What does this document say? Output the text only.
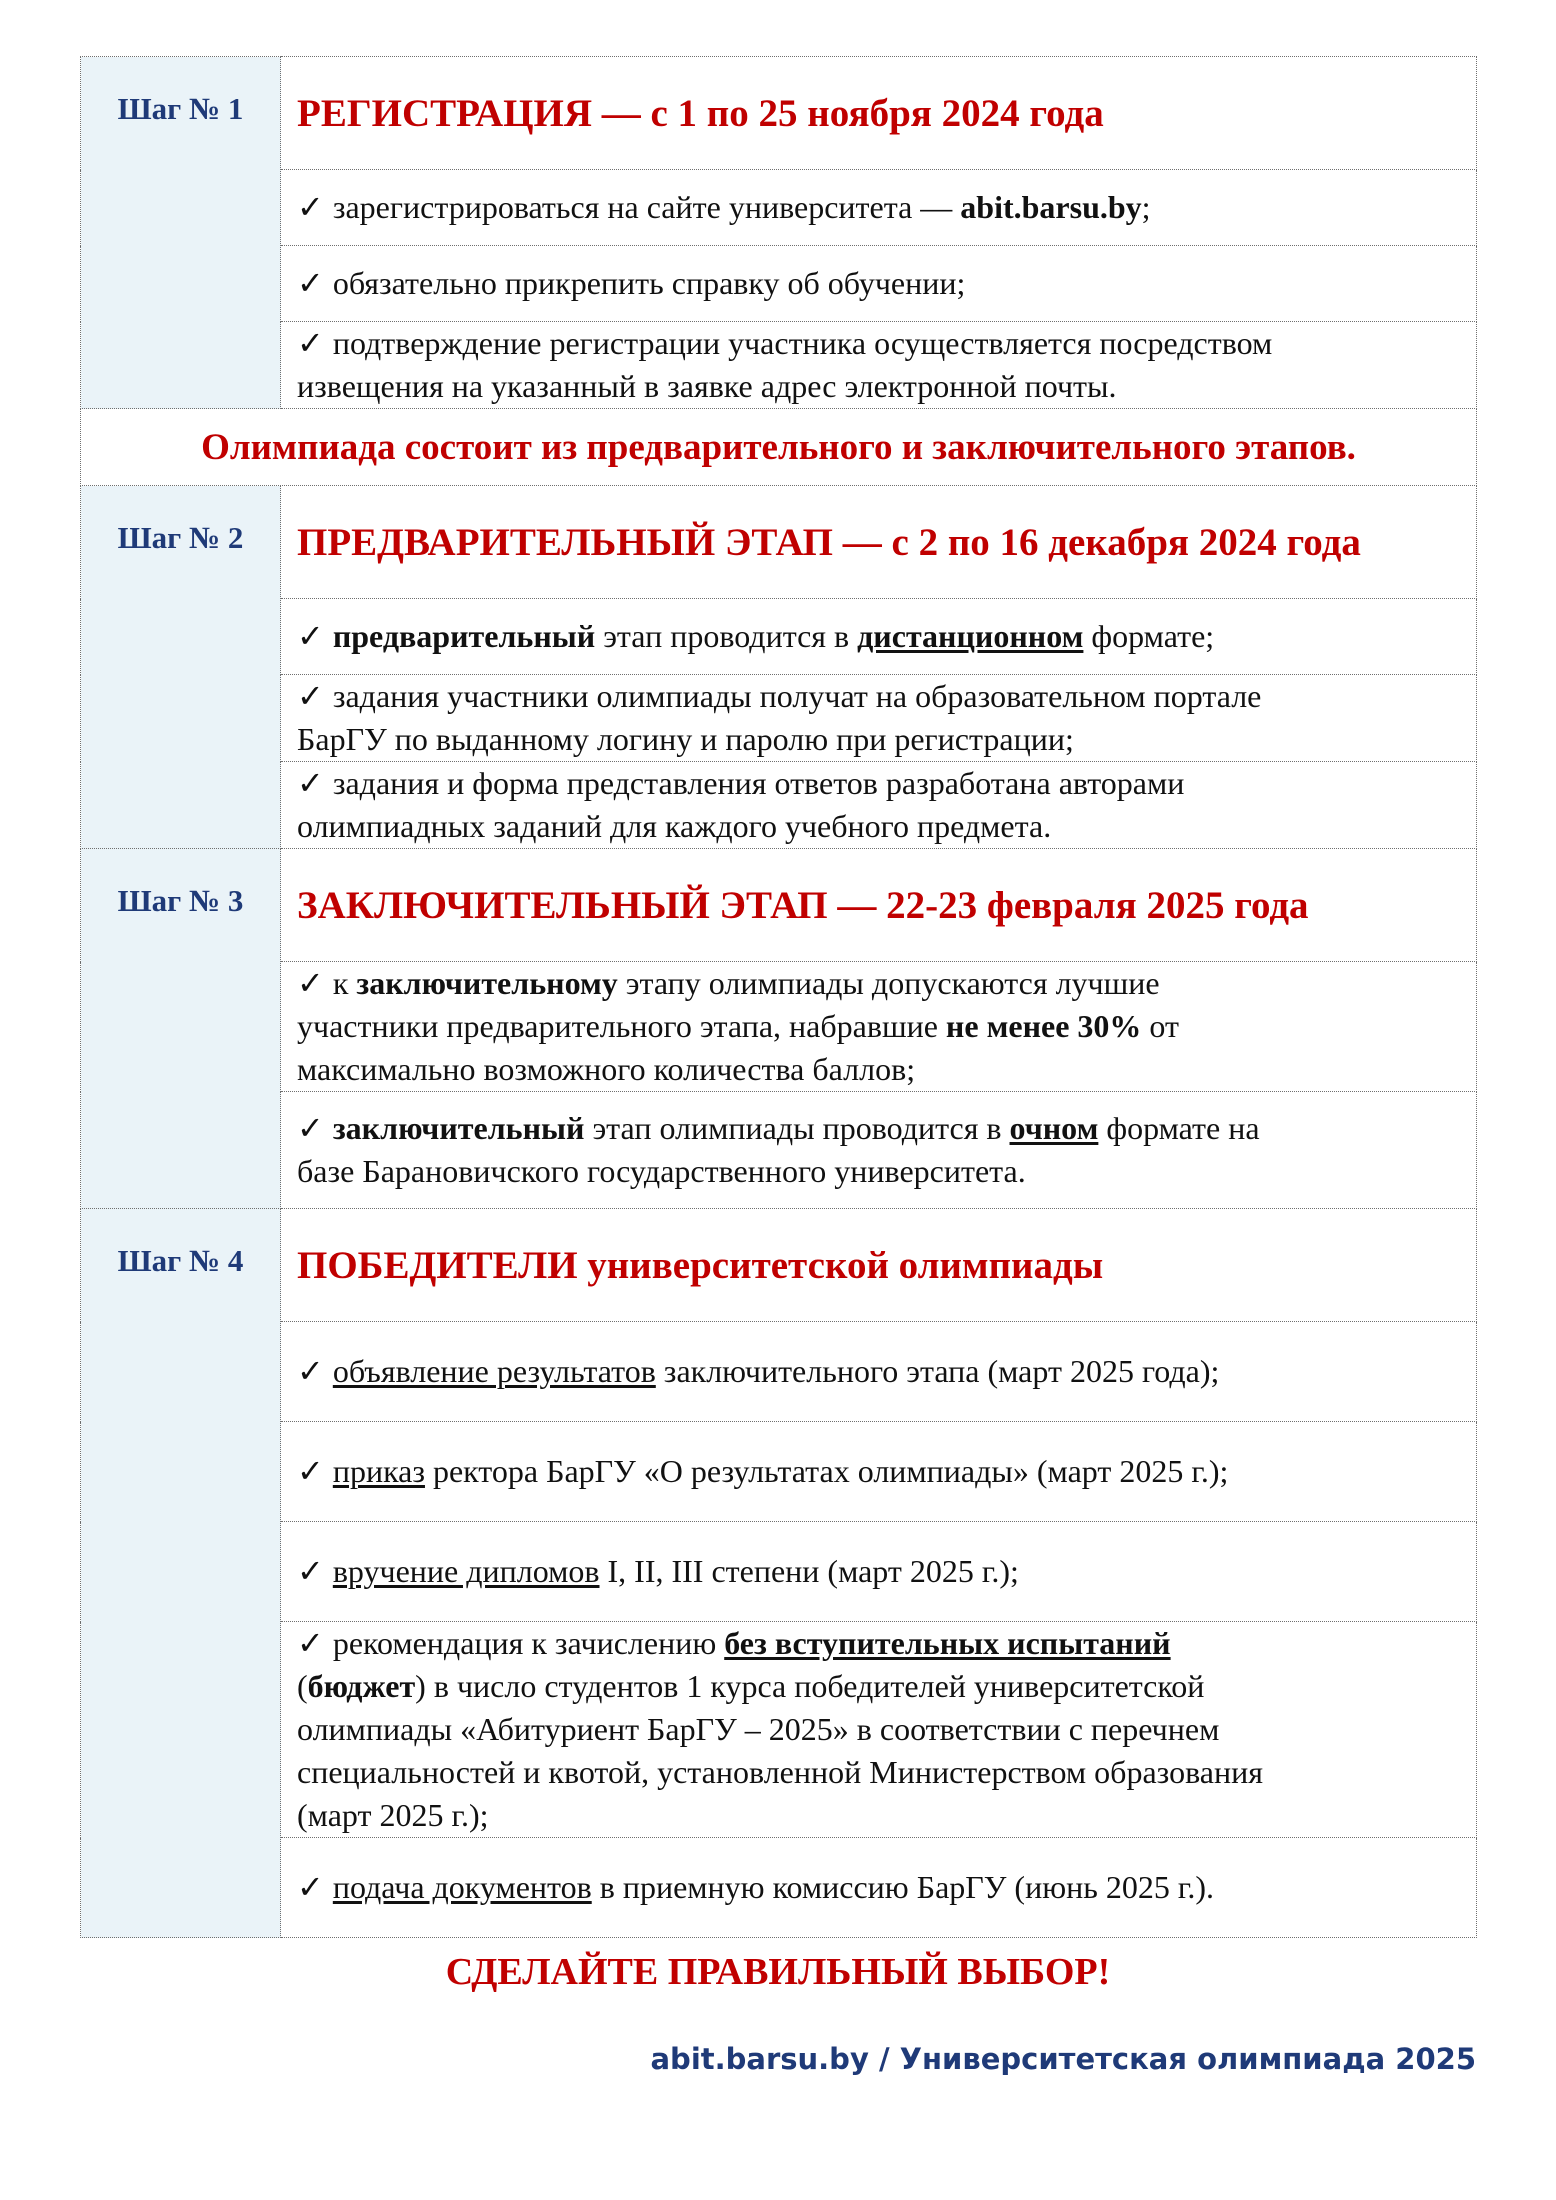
Шаг № 1	РЕГИСТРАЦИЯ — с 1 по 25 ноября 2024 года
	✓ зарегистрироваться на сайте университета — abit.barsu.by;
	✓ обязательно прикрепить справку об обучении;

	✓ подтверждение регистрации участника осуществляется посредством
извещения на указанный в заявке адрес электронной почты.

Олимпиада состоит из предварительного и заключительного этапов.	
Шаг № 2	ПРЕДВАРИТЕЛЬНЫЙ ЭТАП — с 2 по 16 декабря 2024 года
	✓ предварительный этап проводится в дистанционном формате;

	✓ задания участники олимпиады получат на образовательном портале
БарГУ по выданному логину и паролю при регистрации;

	✓ задания и форма представления ответов разработана авторами
олимпиадных заданий для каждого учебного предмета.

Шаг № 3	ЗАКЛЮЧИТЕЛЬНЫЙ ЭТАП — 22-23 февраля 2025 года

	✓ к заключительному этапу олимпиады допускаются лучшие
участники предварительного этапа, набравшие не менее 30% от
максимально возможного количества баллов;

	✓ заключительный этап олимпиады проводится в очном формате на
базе Барановичского государственного университета.

Шаг № 4	ПОБЕДИТЕЛИ университетской олимпиады
	✓ объявление результатов заключительного этапа (март 2025 года);
	✓ приказ ректора БарГУ «О результатах олимпиады» (март 2025 г.);
	✓ вручение дипломов I, II, III степени (март 2025 г.);

	✓ рекомендация к зачислению без вступительных испытаний
(бюджет) в число студентов 1 курса победителей университетской
олимпиады «Абитуриент БарГУ – 2025» в соответствии с перечнем
специальностей и квотой, установленной Министерством образования
(март 2025 г.);

	✓ подача документов в приемную комиссию БарГУ (июнь 2025 г.).

СДЕЛАЙТЕ ПРАВИЛЬНЫЙ ВЫБОР!

abit.barsu.by / Университетская олимпиада 2025
